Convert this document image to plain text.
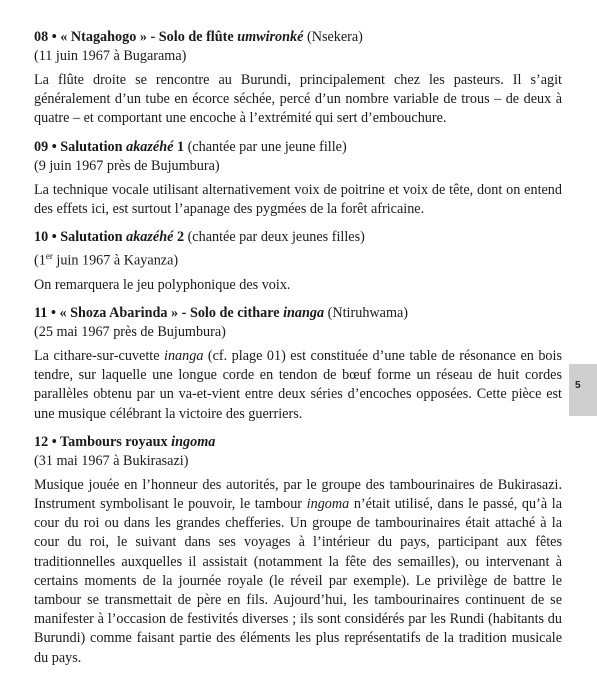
08 • « Ntagahogo » - Solo de flûte umwironké (Nsekera)
(11 juin 1967 à Bugarama)
La flûte droite se rencontre au Burundi, principalement chez les pasteurs. Il s’agit généralement d’un tube en écorce séchée, percé d’un nombre variable de trous – de deux à quatre – et comportant une encoche à l’extrémité qui sert d’embouchure.
09 • Salutation akazéhé 1 (chantée par une jeune fille)
(9 juin 1967 près de Bujumbura)
La technique vocale utilisant alternativement voix de poitrine et voix de tête, dont on entend des effets ici, est surtout l’apanage des pygmées de la forêt africaine.
10 • Salutation akazéhé 2 (chantée par deux jeunes filles)
(1er juin 1967 à Kayanza)
On remarquera le jeu polyphonique des voix.
11 • « Shoza Abarinda » - Solo de cithare inanga (Ntiruhwama)
(25 mai 1967 près de Bujumbura)
La cithare-sur-cuvette inanga (cf. plage 01) est constituée d’une table de résonance en bois tendre, sur laquelle une longue corde en tendon de bœuf forme un réseau de huit cordes parallèles obtenu par un va-et-vient entre deux séries d’encoches opposées. Cette pièce est une musique célébrant la victoire des guerriers.
12 • Tambours royaux ingoma
(31 mai 1967 à Bukirasazi)
Musique jouée en l’honneur des autorités, par le groupe des tambourinaires de Bukirasazi. Instrument symbolisant le pouvoir, le tambour ingoma n’était utilisé, dans le passé, qu’à la cour du roi ou dans les grandes chefferies. Un groupe de tambourinaires était attaché à la cour du roi, le suivant dans ses voyages à l’intérieur du pays, participant aux fêtes traditionnelles auxquelles il assistait (notamment la fête des semailles), ou intervenant à certains moments de la journée royale (le réveil par exemple). Le privilège de battre le tambour se transmettait de père en fils. Aujourd’hui, les tambourinaires continuent de se manifester à l’occasion de festivités diverses ; ils sont considérés par les Rundi (habitants du Burundi) comme faisant partie des éléments les plus représentatifs de la tradition musicale du pays.
5
